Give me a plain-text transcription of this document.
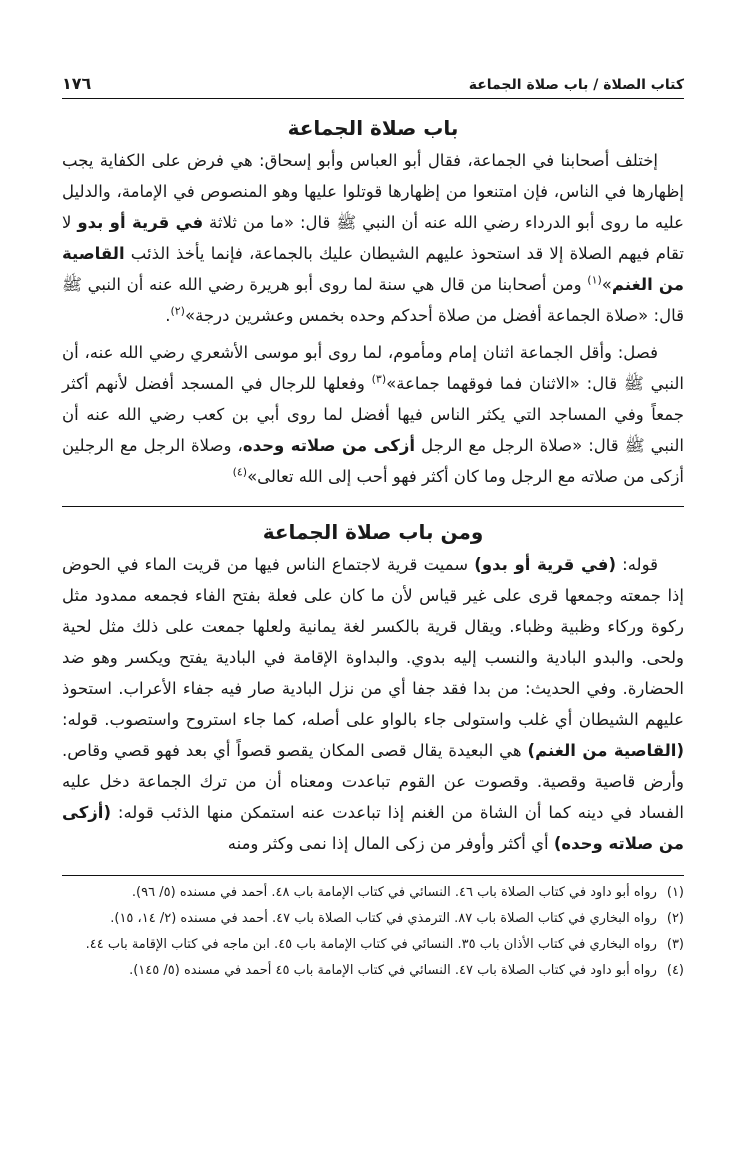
كتاب الصلاة / باب صلاة الجماعة
١٧٦
باب صلاة الجماعة

إختلف أصحابنا في الجماعة، فقال أبو العباس وأبو إسحاق: هي فرض على الكفاية يجب إظهارها في الناس، فإن امتنعوا من إظهارها قوتلوا عليها وهو المنصوص في الإمامة، والدليل عليه ما روى أبو الدرداء رضي الله عنه أن النبي ﷺ قال: «ما من ثلاثة في قرية أو بدو لا تقام فيهم الصلاة إلا قد استحوذ عليهم الشيطان عليك بالجماعة، فإنما يأخذ الذئب القاصية من الغنم»$^{(١)}$ ومن أصحابنا من قال هي سنة لما روى أبو هريرة رضي الله عنه أن النبي ﷺ قال: «صلاة الجماعة أفضل من صلاة أحدكم وحده بخمس وعشرين درجة»$^{(٢)}$.

فصل: وأقل الجماعة اثنان إمام ومأموم، لما روى أبو موسى الأشعري رضي الله عنه، أن النبي ﷺ قال: «الاثنان فما فوقهما جماعة»$^{(٣)}$ وفعلها للرجال في المسجد أفضل لأنهم أكثر جمعاً وفي المساجد التي يكثر الناس فيها أفضل لما روى أبي بن كعب رضي الله عنه أن النبي ﷺ قال: «صلاة الرجل مع الرجل أزكى من صلاته وحده، وصلاة الرجل مع الرجلين أزكى من صلاته مع الرجل وما كان أكثر فهو أحب إلى الله تعالى»$^{(٤)}$

ومن باب صلاة الجماعة

قوله: (في قرية أو بدو) سميت قرية لاجتماع الناس فيها من قريت الماء في الحوض إذا جمعته وجمعها قرى على غير قياس لأن ما كان على فعلة بفتح الفاء فجمعه ممدود مثل ركوة وركاء وظبية وظباء. ويقال قرية بالكسر لغة يمانية ولعلها جمعت على ذلك مثل لحية ولحى. والبدو البادية والنسب إليه بدوي. والبداوة الإقامة في البادية يفتح ويكسر وهو ضد الحضارة. وفي الحديث: من بدا فقد جفا أي من نزل البادية صار فيه جفاء الأعراب. استحوذ عليهم الشيطان أي غلب واستولى جاء بالواو على أصله، كما جاء استروح واستصوب. قوله: (القاصية من الغنم) هي البعيدة يقال قصى المكان يقصو قصواً أي بعد فهو قصي وقاص. وأرض قاصية وقصية. وقصوت عن القوم تباعدت ومعناه أن من ترك الجماعة دخل عليه الفساد في دينه كما أن الشاة من الغنم إذا تباعدت عنه استمكن منها الذئب قوله: (أزكى من صلاته وحده) أي أكثر وأوفر من زكى المال إذا نمى وكثر ومنه

(١)
رواه أبو داود في كتاب الصلاة باب ٤٦. النسائي في كتاب الإمامة باب ٤٨. أحمد في مسنده (٥/ ٩٦).
(٢)
رواه البخاري في كتاب الصلاة باب ٨٧. الترمذي في كتاب الصلاة باب ٤٧. أحمد في مسنده (٢/ ١٤، ١٥).
(٣)
رواه البخاري في كتاب الأذان باب ٣٥. النسائي في كتاب الإمامة باب ٤٥. ابن ماجه في كتاب الإقامة باب ٤٤.
(٤)
رواه أبو داود في كتاب الصلاة باب ٤٧. النسائي في كتاب الإمامة باب ٤٥ أحمد في مسنده (٥/ ١٤٥).
